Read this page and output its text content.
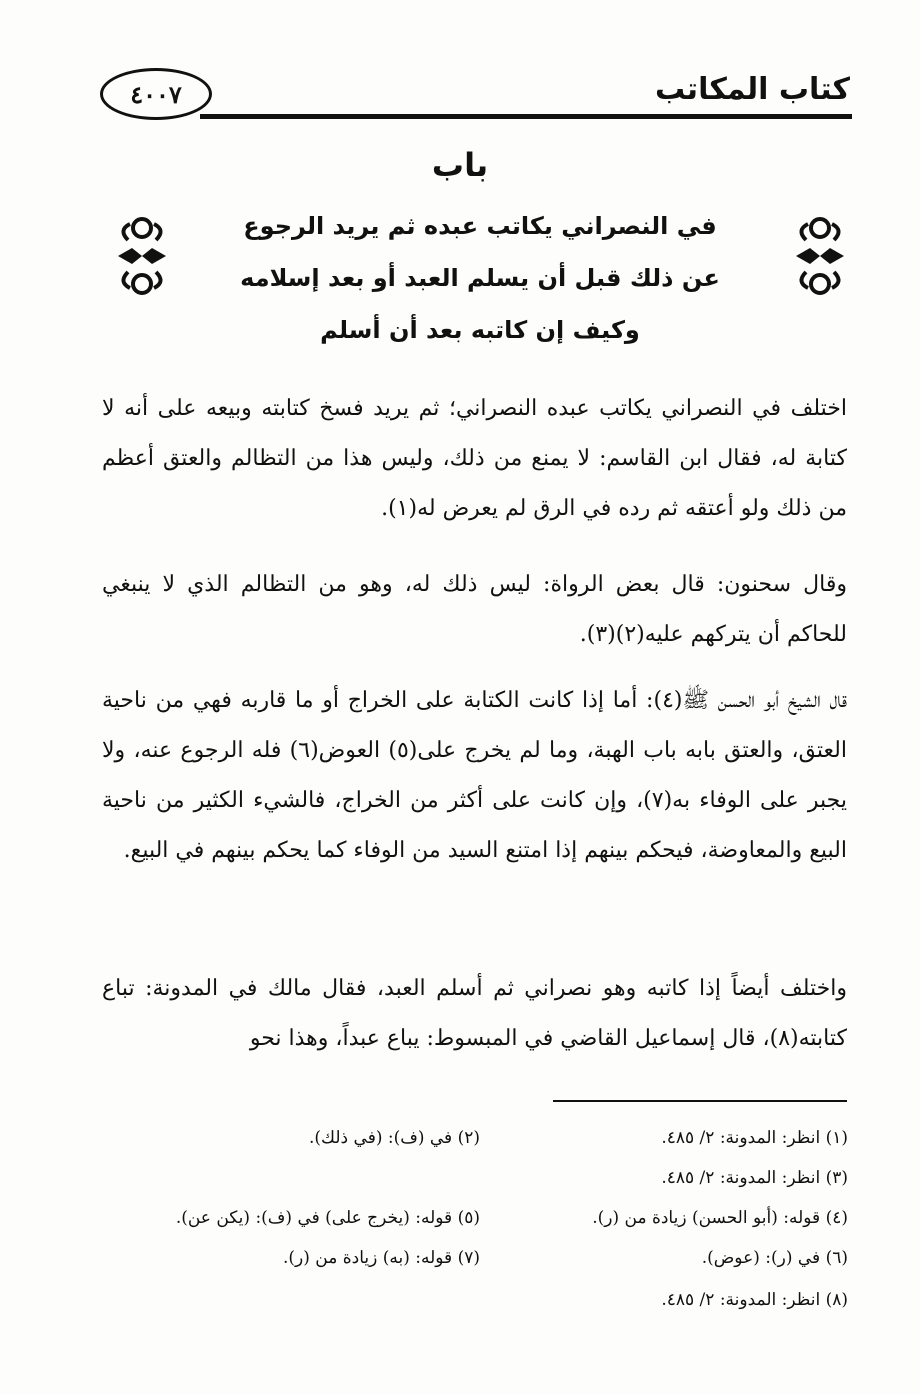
كتاب المكاتب
٤٠٠٧
باب
في النصراني يكاتب عبده ثم يريد الرجوع
عن ذلك قبل أن يسلم العبد أو بعد إسلامه
وكيف إن كاتبه بعد أن أسلم

اختلف في النصراني يكاتب عبده النصراني؛ ثم يريد فسخ كتابته وبيعه على أنه لا كتابة له، فقال ابن القاسم: لا يمنع من ذلك، وليس هذا من التظالم والعتق أعظم من ذلك ولو أعتقه ثم رده في الرق لم يعرض له(١).

وقال سحنون: قال بعض الرواة: ليس ذلك له، وهو من التظالم الذي لا ينبغي للحاكم أن يتركهم عليه(٢)(٣).

قال الشيخ أبو الحسن ﷺ(٤): أما إذا كانت الكتابة على الخراج أو ما قاربه فهي من ناحية العتق، والعتق بابه باب الهبة، وما لم يخرج على(٥) العوض(٦) فله الرجوع عنه، ولا يجبر على الوفاء به(٧)، وإن كانت على أكثر من الخراج، فالشيء الكثير من ناحية البيع والمعاوضة، فيحكم بينهم إذا امتنع السيد من الوفاء كما يحكم بينهم في البيع.

واختلف أيضاً إذا كاتبه وهو نصراني ثم أسلم العبد، فقال مالك في المدونة: تباع كتابته(٨)، قال إسماعيل القاضي في المبسوط: يباع عبداً، وهذا نحو

(١) انظر: المدونة: ٢/ ٤٨٥.
(٢) في (ف): (في ذلك).
(٣) انظر: المدونة: ٢/ ٤٨٥.
(٤) قوله: (أبو الحسن) زيادة من (ر).
(٥) قوله: (يخرج على) في (ف): (يكن عن).
(٦) في (ر): (عوض).
(٧) قوله: (به) زيادة من (ر).
(٨) انظر: المدونة: ٢/ ٤٨٥.
